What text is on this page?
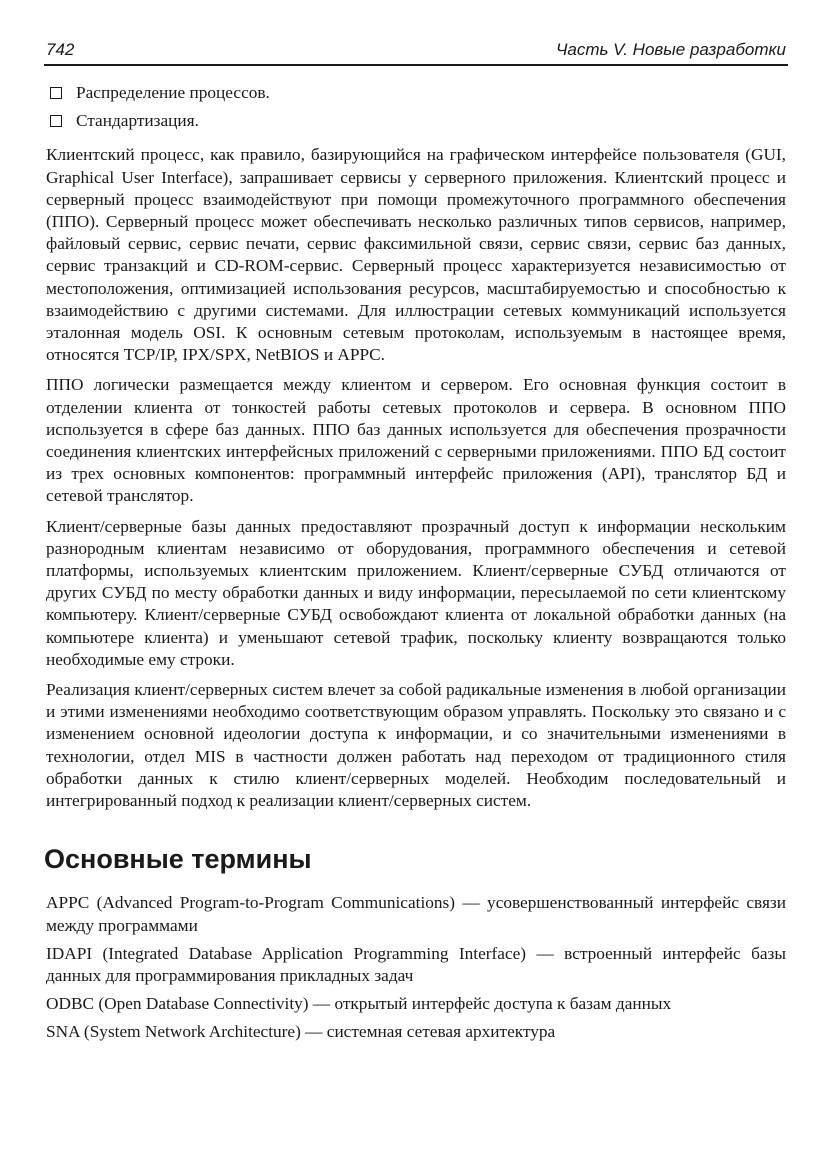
742	Часть V. Новые разработки
Распределение процессов.
Стандартизация.

Клиентский процесс, как правило, базирующийся на графическом интерфейсе пользователя (GUI, Graphical User Interface), запрашивает сервисы у серверного приложения. Клиентский процесс и серверный процесс взаимодействуют при помощи промежуточного программного обеспечения (ППО). Серверный процесс может обеспечивать несколько различных типов сервисов, например, файловый сервис, сервис печати, сервис факсимильной связи, сервис связи, сервис баз данных, сервис транзакций и CD-ROM-сервис. Серверный процесс характеризуется независимостью от местоположения, оптимизацией использования ресурсов, масштабируемостью и способностью к взаимодействию с другими системами. Для иллюстрации сетевых коммуникаций используется эталонная модель OSI. К основным сетевым протоколам, используемым в настоящее время, относятся TCP/IP, IPX/SPX, NetBIOS и APPC.

ППО логически размещается между клиентом и сервером. Его основная функция состоит в отделении клиента от тонкостей работы сетевых протоколов и сервера. В основном ППО используется в сфере баз данных. ППО баз данных используется для обеспечения прозрачности соединения клиентских интерфейсных приложений с серверными приложениями. ППО БД состоит из трех основных компонентов: программный интерфейс приложения (API), транслятор БД и сетевой транслятор.

Клиент/серверные базы данных предоставляют прозрачный доступ к информации нескольким разнородным клиентам независимо от оборудования, программного обеспечения и сетевой платформы, используемых клиентским приложением. Клиент/серверные СУБД отличаются от других СУБД по месту обработки данных и виду информации, пересылаемой по сети клиентскому компьютеру. Клиент/серверные СУБД освобождают клиента от локальной обработки данных (на компьютере клиента) и уменьшают сетевой трафик, поскольку клиенту возвращаются только необходимые ему строки.

Реализация клиент/серверных систем влечет за собой радикальные изменения в любой организации и этими изменениями необходимо соответствующим образом управлять. Поскольку это связано и с изменением основной идеологии доступа к информации, и со значительными изменениями в технологии, отдел MIS в частности должен работать над переходом от традиционного стиля обработки данных к стилю клиент/серверных моделей. Необходим последовательный и интегрированный подход к реализации клиент/серверных систем.

Основные термины

APPC (Advanced Program-to-Program Communications) — усовершенствованный интерфейс связи между программами

IDAPI (Integrated Database Application Programming Interface) — встроенный интерфейс базы данных для программирования прикладных задач

ODBC (Open Database Connectivity) — открытый интерфейс доступа к базам данных

SNA (System Network Architecture) — системная сетевая архитектура
